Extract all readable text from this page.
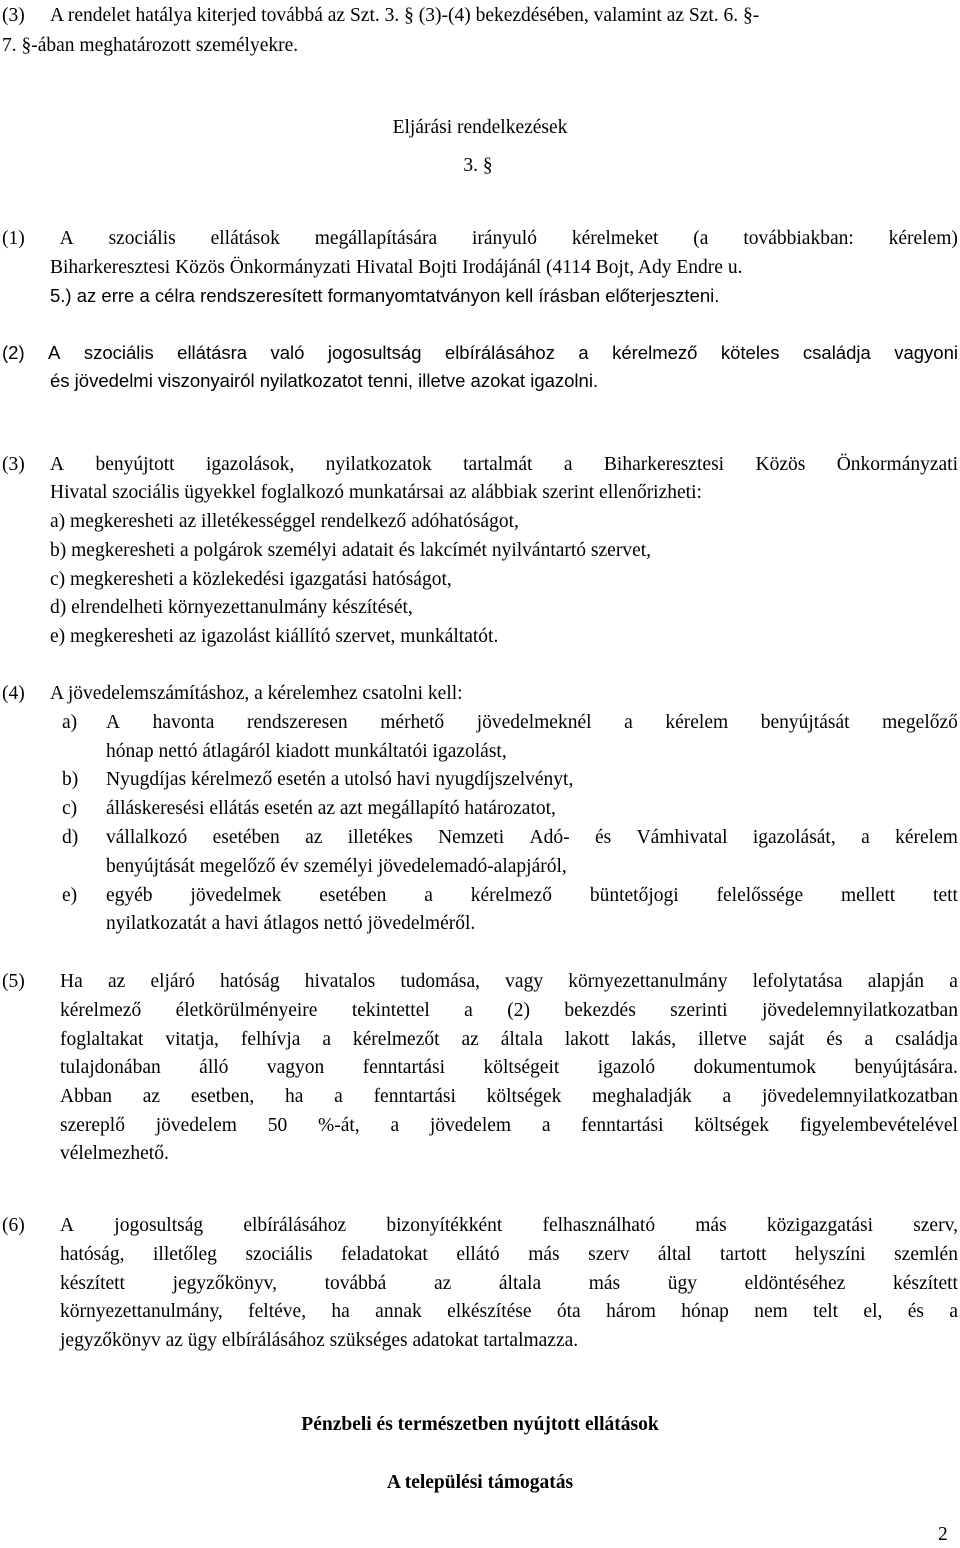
(3) A rendelet hatálya kiterjed továbbá az Szt. 3. § (3)-(4) bekezdésében, valamint az Szt. 6. §-
7. §-ában meghatározott személyekre.
Eljárási rendelkezések
3. §
(1) A szociális ellátások megállapítására irányuló kérelmeket (a továbbiakban: kérelem)
Biharkeresztesi Közös Önkormányzati Hivatal Bojti Irodájánál (4114 Bojt, Ady Endre u.
5.) az erre a célra rendszeresített formanyomtatványon kell írásban előterjeszteni.
(2) A szociális ellátásra való jogosultság elbírálásához a kérelmező köteles családja vagyoni
és jövedelmi viszonyairól nyilatkozatot tenni, illetve azokat igazolni.
(3) A benyújtott igazolások, nyilatkozatok tartalmát a Biharkeresztesi Közös Önkormányzati
Hivatal szociális ügyekkel foglalkozó munkatársai az alábbiak szerint ellenőrizheti:
a) megkeresheti az illetékességgel rendelkező adóhatóságot,
b) megkeresheti a polgárok személyi adatait és lakcímét nyilvántartó szervet,
c) megkeresheti a közlekedési igazgatási hatóságot,
d) elrendelheti környezettanulmány készítését,
e) megkeresheti az igazolást kiállító szervet, munkáltatót.
(4) A jövedelemszámításhoz, a kérelemhez csatolni kell:
a) A havonta rendszeresen mérhető jövedelmeknél a kérelem benyújtását megelőző
hónap nettó átlagáról kiadott munkáltatói igazolást,
b) Nyugdíjas kérelmező esetén a utolsó havi nyugdíjszelvényt,
c) álláskeresési ellátás esetén az azt megállapító határozatot,
d) vállalkozó esetében az illetékes Nemzeti Adó- és Vámhivatal igazolását, a kérelem
benyújtását megelőző év személyi jövedelemadó-alapjáról,
e) egyéb jövedelmek esetében a kérelmező büntetőjogi felelőssége mellett tett
nyilatkozatát a havi átlagos nettó jövedelméről.
(5) Ha az eljáró hatóság hivatalos tudomása, vagy környezettanulmány lefolytatása alapján a
kérelmező életkörülményeire tekintettel a (2) bekezdés szerinti jövedelemnyilatkozatban
foglaltakat vitatja, felhívja a kérelmezőt az általa lakott lakás, illetve saját és a családja
tulajdonában álló vagyon fenntartási költségeit igazoló dokumentumok benyújtására.
Abban az esetben, ha a fenntartási költségek meghaladják a jövedelemnyilatkozatban
szereplő jövedelem 50 %-át, a jövedelem a fenntartási költségek figyelembevételével
vélelmezhető.
(6) A jogosultság elbírálásához bizonyítékként felhasználható más közigazgatási szerv,
hatóság, illetőleg szociális feladatokat ellátó más szerv által tartott helyszíni szemlén
készített jegyzőkönyv, továbbá az általa más ügy eldöntéséhez készített
környezettanulmány, feltéve, ha annak elkészítése óta három hónap nem telt el, és a
jegyzőkönyv az ügy elbírálásához szükséges adatokat tartalmazza.
Pénzbeli és természetben nyújtott ellátások
A települési támogatás
2
